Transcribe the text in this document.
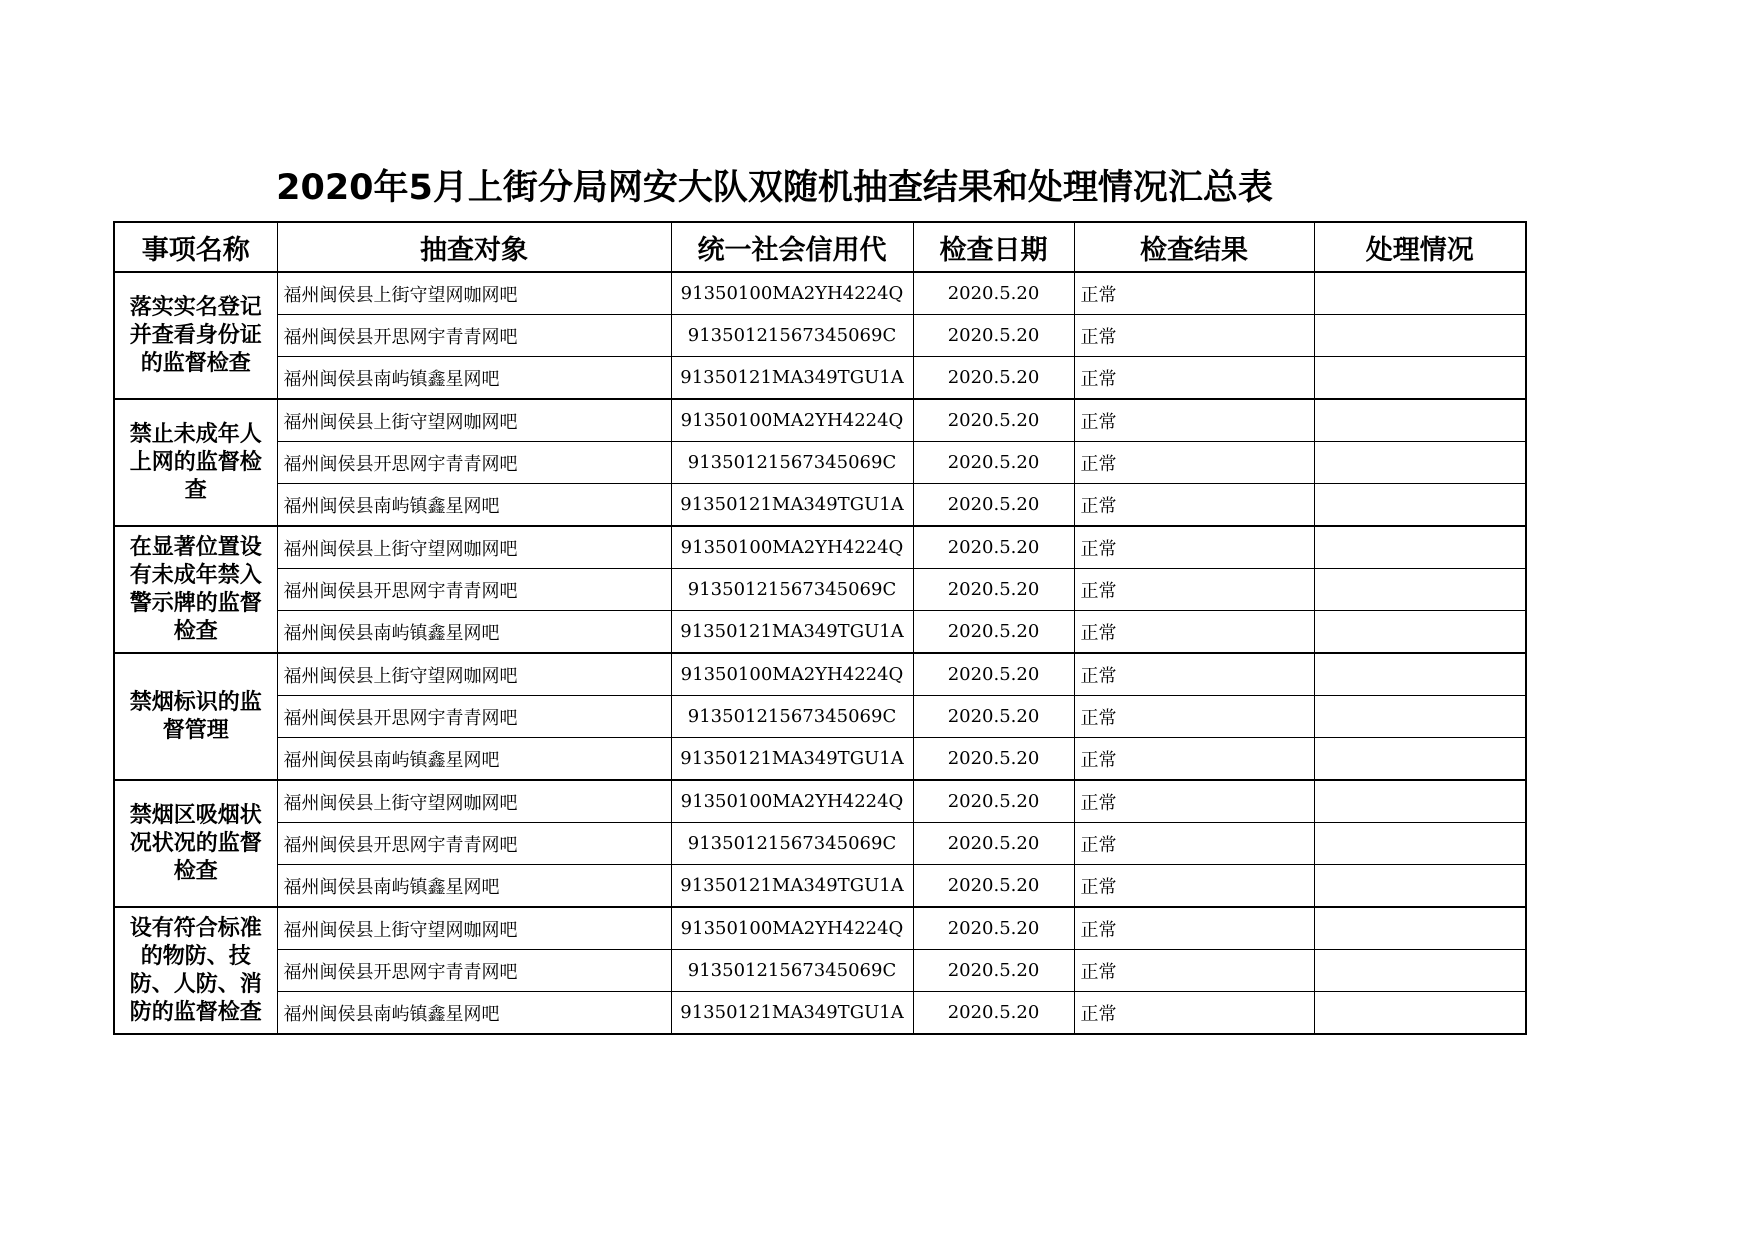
2020年5月上街分局网安大队双随机抽查结果和处理情况汇总表
事项名称	抽查对象	统一社会信用代	检查日期	检查结果	处理情况
落实实名登记并查看身份证的监督检查	福州闽侯县上街守望网咖网吧	91350100MA2YH4224Q	2020.5.20	正常	
	福州闽侯县开思网宇青青网吧	91350121567345069C	2020.5.20	正常	
	福州闽侯县南屿镇鑫星网吧	91350121MA349TGU1A	2020.5.20	正常	
禁止未成年人上网的监督检查	福州闽侯县上街守望网咖网吧	91350100MA2YH4224Q	2020.5.20	正常	
	福州闽侯县开思网宇青青网吧	91350121567345069C	2020.5.20	正常	
	福州闽侯县南屿镇鑫星网吧	91350121MA349TGU1A	2020.5.20	正常	
在显著位置设有未成年禁入警示牌的监督检查	福州闽侯县上街守望网咖网吧	91350100MA2YH4224Q	2020.5.20	正常	
	福州闽侯县开思网宇青青网吧	91350121567345069C	2020.5.20	正常	
	福州闽侯县南屿镇鑫星网吧	91350121MA349TGU1A	2020.5.20	正常	
禁烟标识的监督管理	福州闽侯县上街守望网咖网吧	91350100MA2YH4224Q	2020.5.20	正常	
	福州闽侯县开思网宇青青网吧	91350121567345069C	2020.5.20	正常	
	福州闽侯县南屿镇鑫星网吧	91350121MA349TGU1A	2020.5.20	正常	
禁烟区吸烟状况状况的监督检查	福州闽侯县上街守望网咖网吧	91350100MA2YH4224Q	2020.5.20	正常	
	福州闽侯县开思网宇青青网吧	91350121567345069C	2020.5.20	正常	
	福州闽侯县南屿镇鑫星网吧	91350121MA349TGU1A	2020.5.20	正常	
设有符合标准的物防、技防、人防、消防的监督检查	福州闽侯县上街守望网咖网吧	91350100MA2YH4224Q	2020.5.20	正常	
	福州闽侯县开思网宇青青网吧	91350121567345069C	2020.5.20	正常	
	福州闽侯县南屿镇鑫星网吧	91350121MA349TGU1A	2020.5.20	正常	
